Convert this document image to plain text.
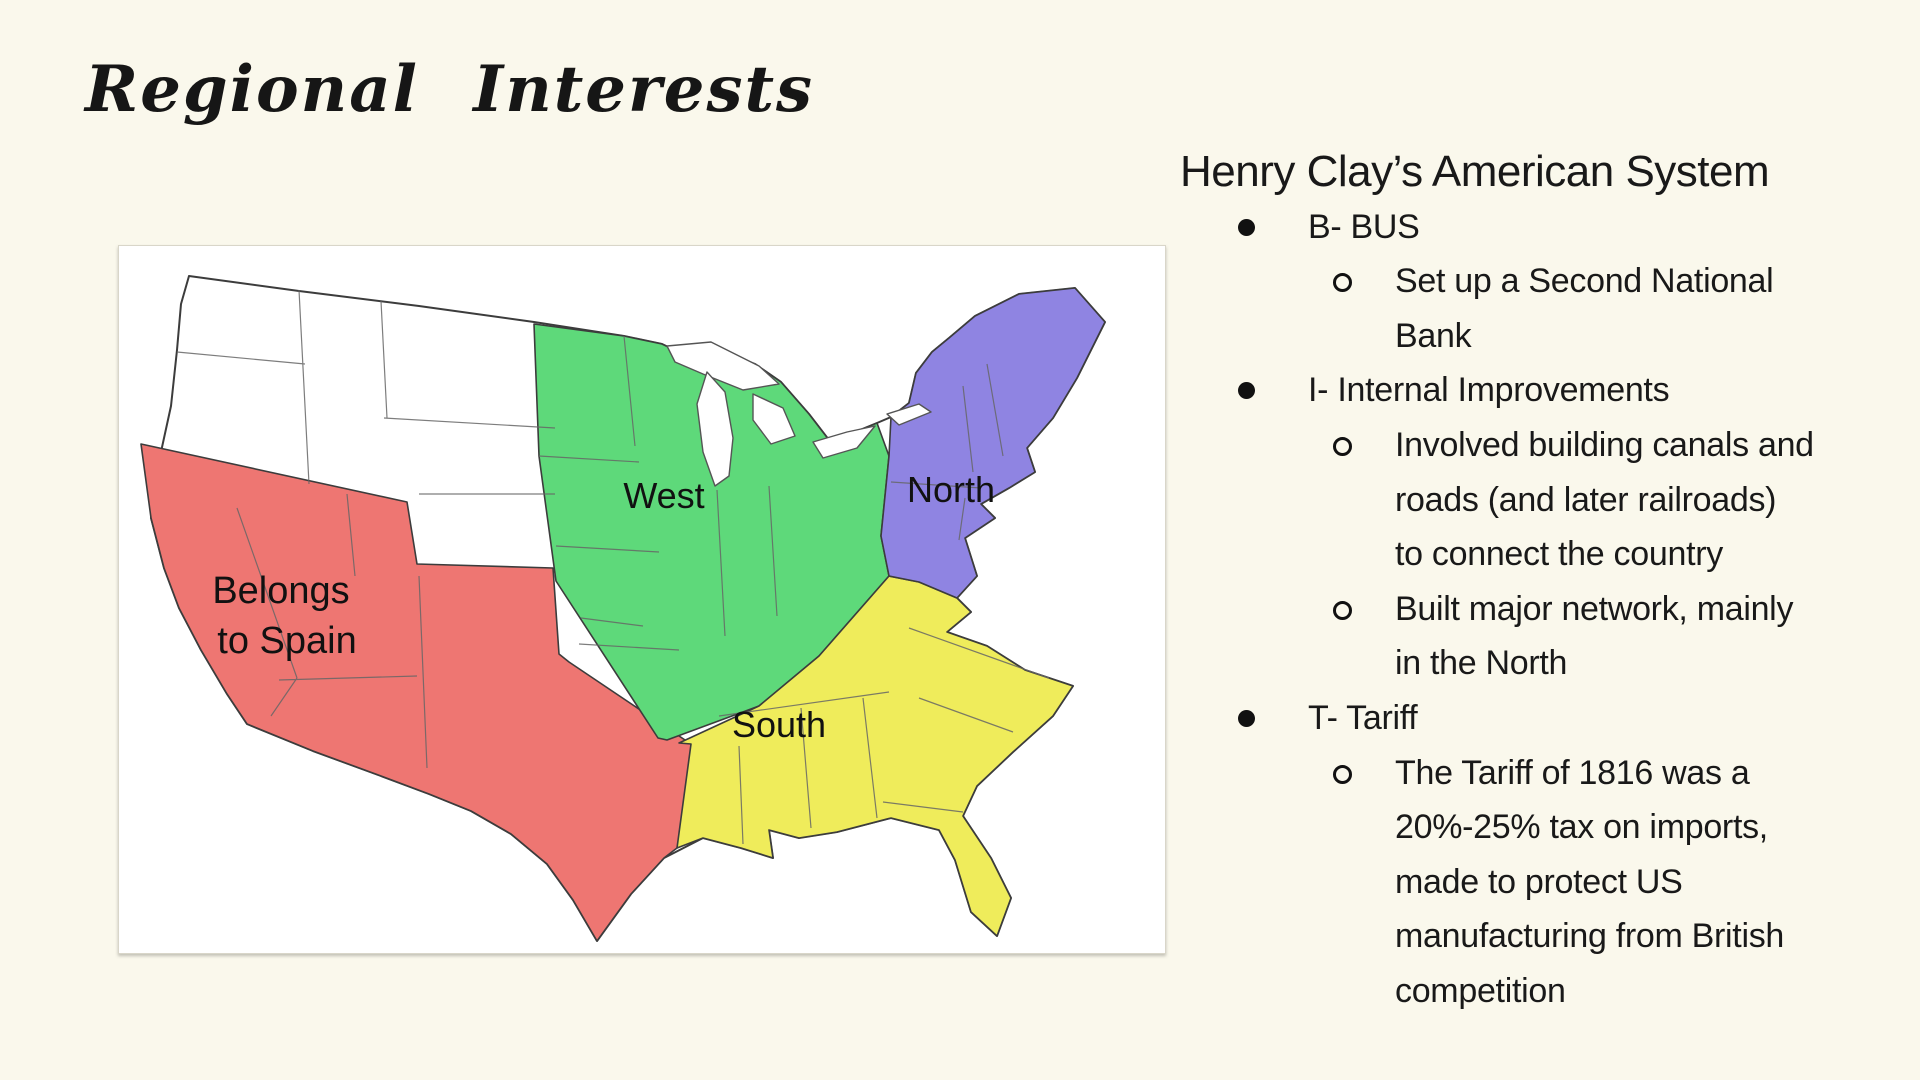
Regional Interests
Belongs
to Spain
West	North
South
Henry Clay’s American System
B- BUS
Set up a Second National
Bank
I- Internal Improvements
Involved building canals and
roads (and later railroads)
to connect the country
Built major network, mainly
in the North
T- Tariff
The Tariff of 1816 was a
20%-25% tax on imports,
made to protect US
manufacturing from British
competition
